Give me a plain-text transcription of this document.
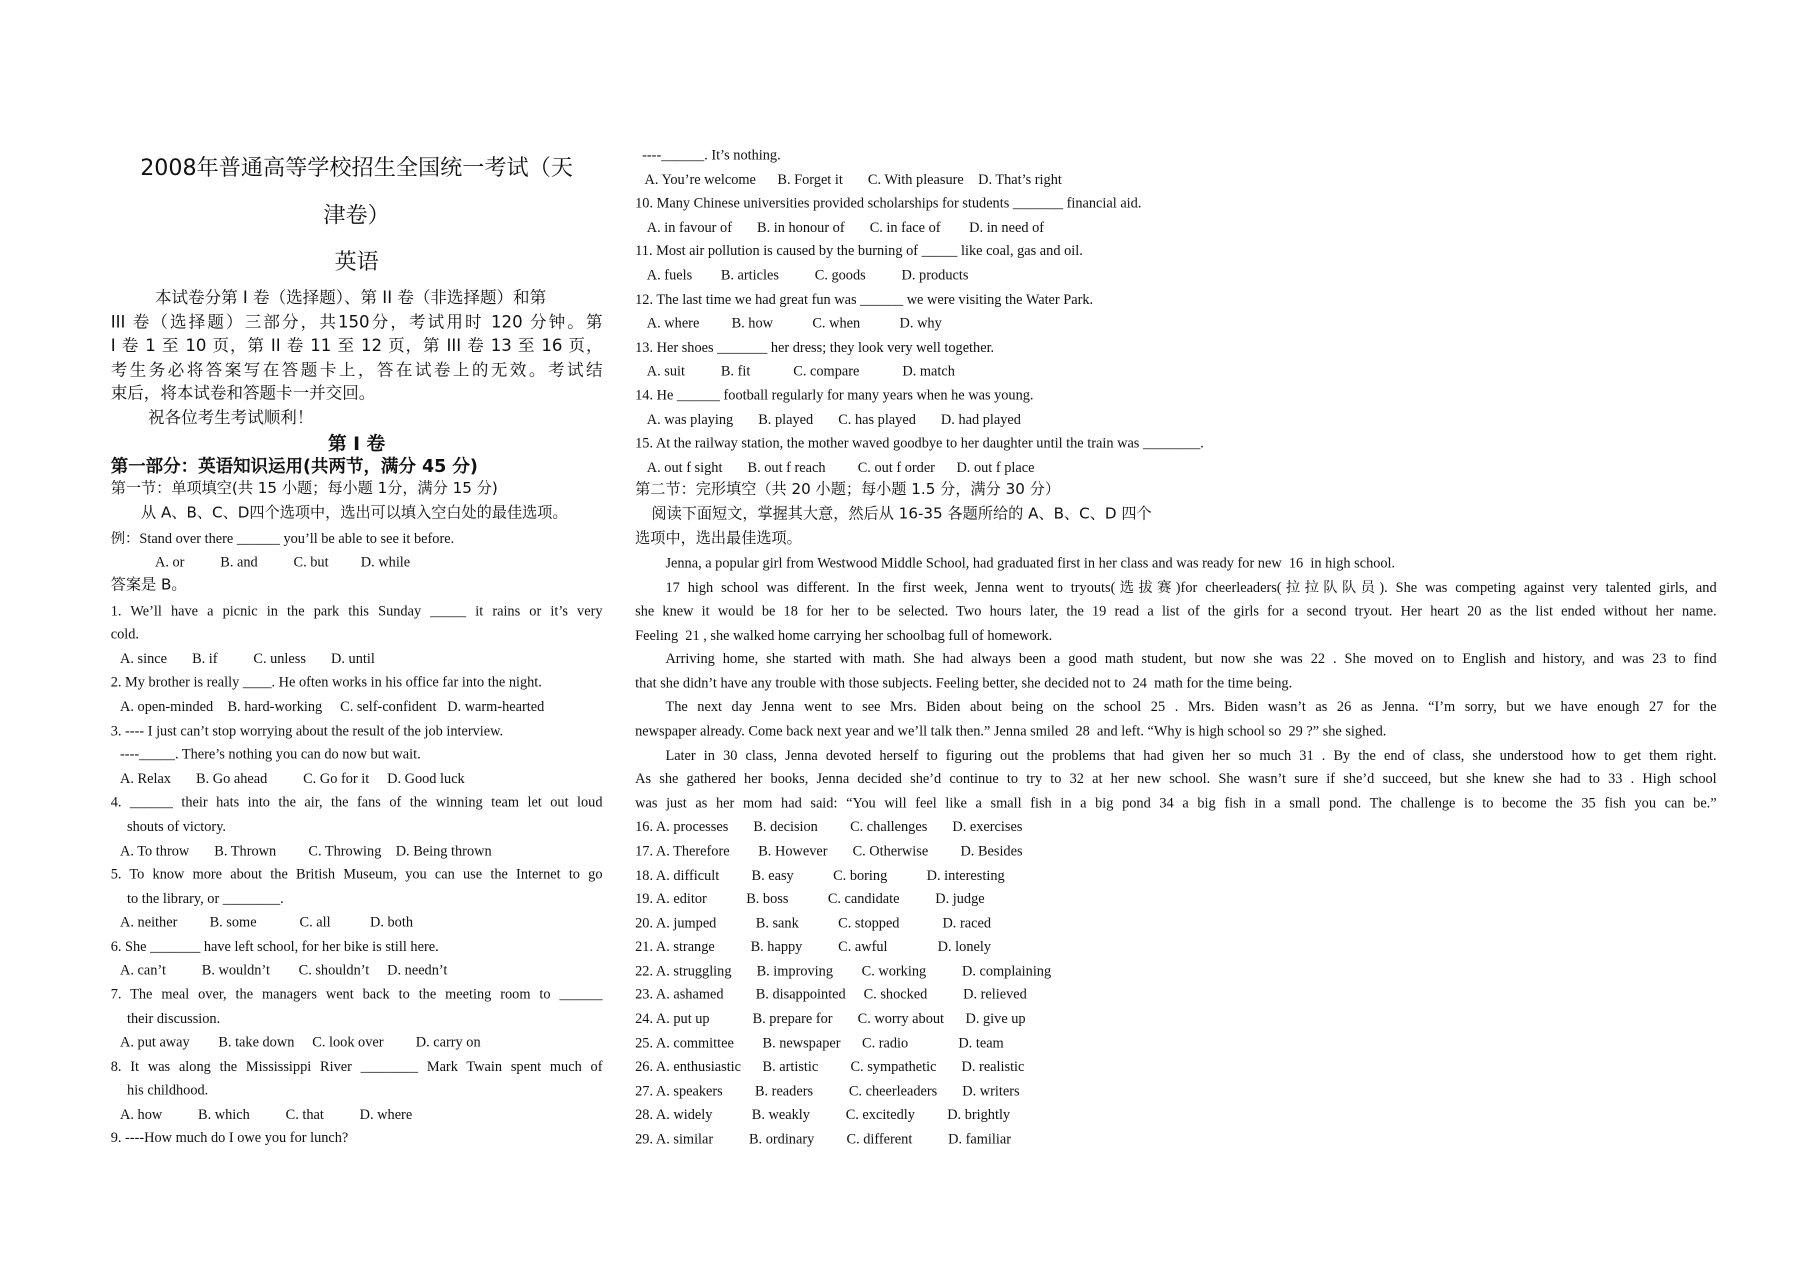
2008年普通高等学校招生全国统一考试（天
津卷）
英语
本试卷分第 I 卷（选择题）、第 II 卷（非选择题）和第
III 卷（选择题）三部分，共150分，考试用时 120 分钟。第
I 卷 1 至 10 页，第 II 卷 11 至 12 页，第 III 卷 13 至 16 页，
考生务必将答案写在答题卡上，答在试卷上的无效。考试结
束后，将本试卷和答题卡一并交回。
祝各位考生考试顺利！
第 I 卷
第一部分：英语知识运用(共两节，满分 45 分)
第一节：单项填空(共 15 小题；每小题 1分，满分 15 分)
从 A、B、C、D四个选项中，选出可以填入空白处的最佳选项。
例：Stand over there ______ you’ll be able to see it before.
A. or          B. and          C. but         D. while
答案是 B。
1. We’ll have a picnic in the park this Sunday _____ it rains or it’s very
cold.
A. since       B. if          C. unless       D. until
2. My brother is really ____. He often works in his office far into the night.
A. open-minded    B. hard-working     C. self-confident   D. warm-hearted
3. ---- I just can’t stop worrying about the result of the job interview.
----_____. There’s nothing you can do now but wait.
A. Relax       B. Go ahead          C. Go for it     D. Good luck
4. ______ their hats into the air, the fans of the winning team let out loud
shouts of victory.
A. To throw       B. Thrown         C. Throwing    D. Being thrown
5. To know more about the British Museum, you can use the Internet to go
to the library, or ________.
A. neither         B. some            C. all           D. both
6. She _______ have left school, for her bike is still here.
A. can’t          B. wouldn’t        C. shouldn’t     D. needn’t
7. The meal over, the managers went back to the meeting room to ______
their discussion.
A. put away        B. take down     C. look over         D. carry on
8. It was along the Mississippi River ________ Mark Twain spent much of
his childhood.
A. how          B. which          C. that          D. where
9. ----How much do I owe you for lunch?
----______. It’s nothing.
A. You’re welcome      B. Forget it       C. With pleasure    D. That’s right
10. Many Chinese universities provided scholarships for students _______ financial aid.
A. in favour of       B. in honour of       C. in face of        D. in need of
11. Most air pollution is caused by the burning of _____ like coal, gas and oil.
A. fuels        B. articles          C. goods          D. products
12. The last time we had great fun was ______ we were visiting the Water Park.
A. where         B. how           C. when           D. why
13. Her shoes _______ her dress; they look very well together.
A. suit          B. fit            C. compare            D. match
14. He ______ football regularly for many years when he was young.
A. was playing       B. played       C. has played       D. had played
15. At the railway station, the mother waved goodbye to her daughter until the train was ________.
A. out f sight       B. out f reach         C. out f order      D. out f place
第二节：完形填空（共 20 小题；每小题 1.5 分，满分 30 分）
阅读下面短文，掌握其大意，然后从 16-35 各题所给的 A、B、C、D 四个
选项中，选出最佳选项。
Jenna, a popular girl from Westwood Middle School, had graduated first in her class and was ready for new  16  in high school.
17 high school was different. In the first week, Jenna went to tryouts(选拔赛)for cheerleaders(拉拉队队员). She was competing against very talented girls, and
she knew it would be 18 for her to be selected. Two hours later, the 19 read a list of the girls for a second tryout. Her heart 20 as the list ended without her name.
Feeling  21 , she walked home carrying her schoolbag full of homework.
Arriving home, she started with math. She had always been a good math student, but now she was 22 . She moved on to English and history, and was 23 to find
that she didn’t have any trouble with those subjects. Feeling better, she decided not to  24  math for the time being.
The next day Jenna went to see Mrs. Biden about being on the school 25 . Mrs. Biden wasn’t as 26 as Jenna. “I’m sorry, but we have enough 27 for the
newspaper already. Come back next year and we’ll talk then.” Jenna smiled  28  and left. “Why is high school so  29 ?” she sighed.
Later in 30 class, Jenna devoted herself to figuring out the problems that had given her so much 31 . By the end of class, she understood how to get them right.
As she gathered her books, Jenna decided she’d continue to try to 32 at her new school. She wasn’t sure if she’d succeed, but she knew she had to 33 . High school
was just as her mom had said: “You will feel like a small fish in a big pond 34 a big fish in a small pond. The challenge is to become the 35 fish you can be.”
16. A. processes       B. decision         C. challenges       D. exercises
17. A. Therefore        B. However       C. Otherwise         D. Besides
18. A. difficult         B. easy           C. boring           D. interesting
19. A. editor           B. boss           C. candidate          D. judge
20. A. jumped           B. sank           C. stopped            D. raced
21. A. strange          B. happy          C. awful              D. lonely
22. A. struggling       B. improving        C. working          D. complaining
23. A. ashamed         B. disappointed     C. shocked          D. relieved
24. A. put up            B. prepare for       C. worry about      D. give up
25. A. committee        B. newspaper      C. radio              D. team
26. A. enthusiastic      B. artistic         C. sympathetic       D. realistic
27. A. speakers         B. readers          C. cheerleaders       D. writers
28. A. widely           B. weakly          C. excitedly         D. brightly
29. A. similar          B. ordinary         C. different          D. familiar
